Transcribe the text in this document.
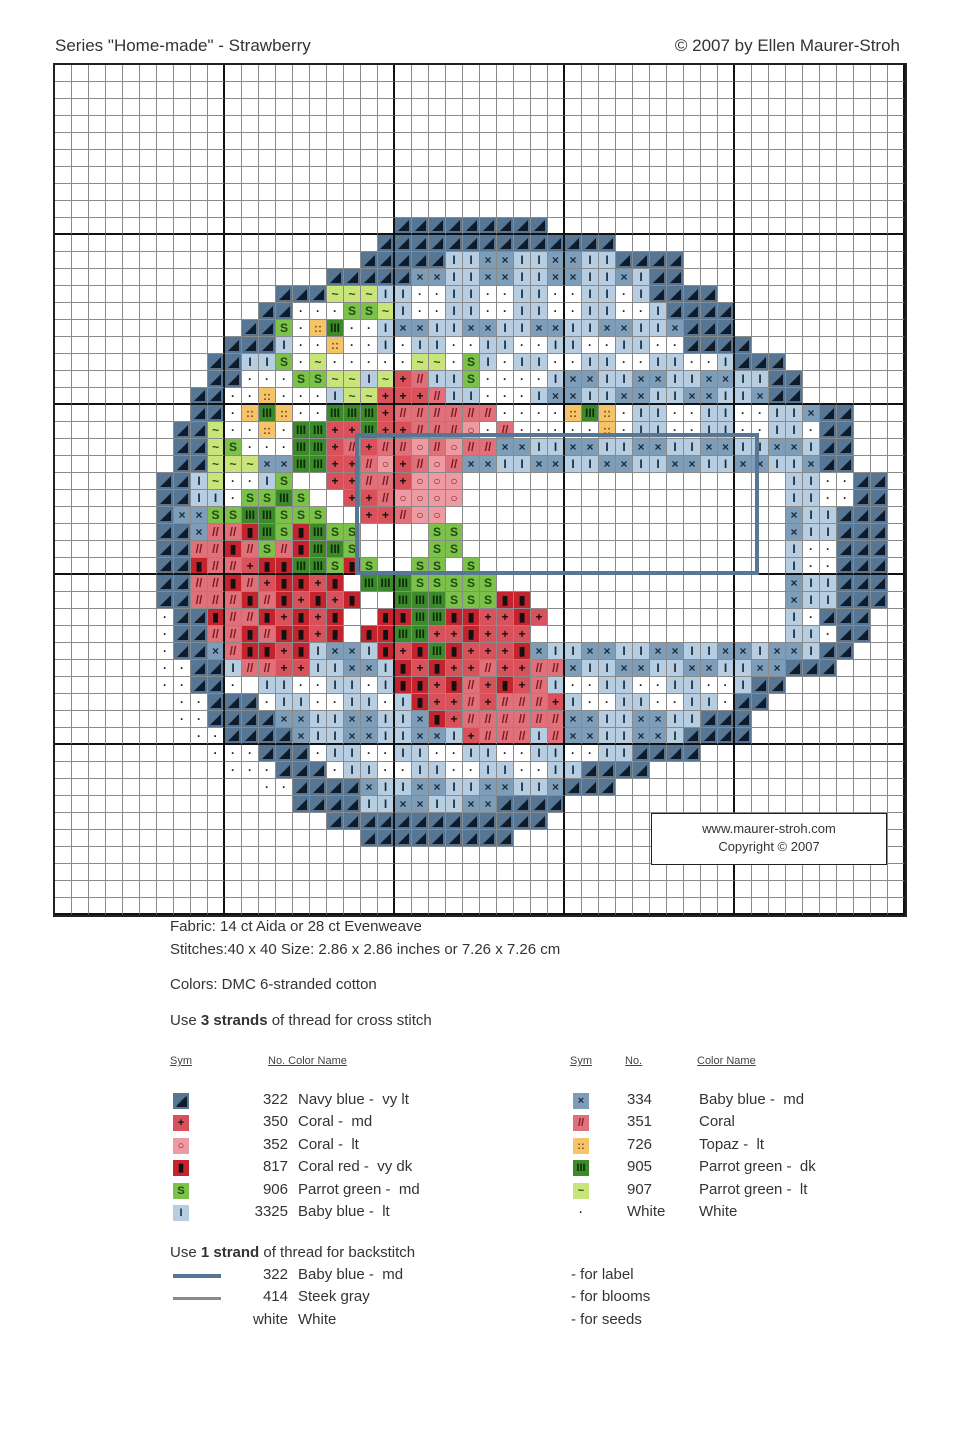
Series "Home-made" - Strawberry	© 2007 by Ellen Maurer-Stroh
I	I × × I	I × × I	I
× × I	I × × I	I × × I	I × I
~ ~ ~ I	I	·	·	I	I	·	·	I	I	·	·	I	I	·	I
·	·	· S S ~	I	·	·	I	I	·	·	I	I	·	·	I	I	·	·	I
S · :: III ·	·	I	× × I	I × × I	I × ×	I	I × × I	I ×
I	·	· :: ·	·	I	·	I	I	·	·	I	I	·	·	I	I	·	·	I	I	·	·
I	I S · ~ ·	·	·	·	· ~ ~ · S I	·	I	I	·	·	I	I	·	·	I	I	·	·	I
·	·	· S S ~ ~ I ~ + //	I	I S ·	·	·	·	I	× × I	I × × I	I × ×	I	I
·	· :: ·	·	·	I ~ ~ + + + //	I	I	·	·	·	I × × I	I × × I	I × × I	I ×
· :: III :: ·	· III III III + // // // // // // ·	·	·	· :: III :: ·	I	I	·	·	I	I	·	·	I	I ×
~	·	· :: · III III + + III + + // // // ○ · // ·	·	·	·	· :: ·	I	I	·	·	I	I	·	·	I	I	·
~ S ·	·	· III III + // + // // ○ // ○ // // × × I	I	× × I	I × × I	I × ×	I	I × × I
~ ~ ~ × × III III + + // ○ + // ○ // × × I	I × ×	I	I × × I	I × × I	I	× × I	I ×
I ~	·	·	I S	+ + // // + ○ ○ ○	I	I	·	·
I	I	· S S III S	+ + // ○ ○ ○ ○	I	I	·	·
× × S S III III S S S	+ + // ○ ○	× I	I
× // // ▮ III S ▮ III S S	S S	× I	I
// // ▮ // S // ▮ III III S	S S	I	·	·
▮ // // + ▮ ▮ III III S ▮ S	S S	S	I	·	·
// // ▮ // + ▮ ▮ + ▮	III III III S S S S S	× I	I
// // // ▮ // ▮ + ▮ + ▮	III III III S S S ▮ ▮	× I	I
·	▮ // // ▮ + ▮ + ▮	▮ ▮ III III ▮ ▮ + + ▮ +	I	·
·	// // ▮ // ▮ ▮ + ▮	▮ ▮ III III + + ▮ + + +	I	I	·
·	× // ▮ ▮ + ▮	I × × I ▮ + ▮ III ▮ + + + ▮ × I	I × × I	I × × I	I × × I × × I
·	·	I // // + + I	I × × I	▮ + ▮ + + // + + // // × I	I × × I	I × × I	I × ×
·	·	·	I	I	·	·	I	I	·	I	▮ ▮ + ▮ // + ▮ + // I	·	·	I	I	·	·	I	I	·	·	I
·	·	·	I	I	·	·	I	I	·	I	▮ + + // + // // // +	I	·	·	I	I	·	·	I	I	·
·	·	× × I	I × × I	I × ▮ + // // // // // // × × I	I × × I	I
·	·	× I	I × × I	I × × I + // // //	I // × × I	I × × I
·	·	·	·	I	I	·	·	I	I	·	·	I	I	·	·	I	I	·	·	I	I
·	·	·	·	I	I	·	·	I	I	·	·	I	I	·	·	I	I
·	·	× I	I × × I	I × × I	I ×
I	I	× × I	I × ×
www.maurer-stroh.com
Copyright © 2007
Fabric: 14 ct Aida or 28 ct Evenweave
Stitches:40 x 40 Size: 2.86 x 2.86 inches or 7.26 x 7.26 cm
Colors: DMC 6-stranded cotton
Use 3 strands of thread for cross stitch
Sym	No. Color Name	Sym	No.	Color Name
◢	322 Navy blue -  vy lt
+	350 Coral -  md
○	352 Coral -  lt
▮	817 Coral red -  vy dk
S	906 Parrot green -  md
I	3325 Baby blue -  lt
×	334	Baby blue -  md
//	351	Coral
::	726	Topaz -  lt
III	905	Parrot green -  dk
~	907	Parrot green -  lt
·	White White
Use 1 strand of thread for backstitch
322 Baby blue -  md	- for label
414 Steek gray	- for blooms
white White	- for seeds
